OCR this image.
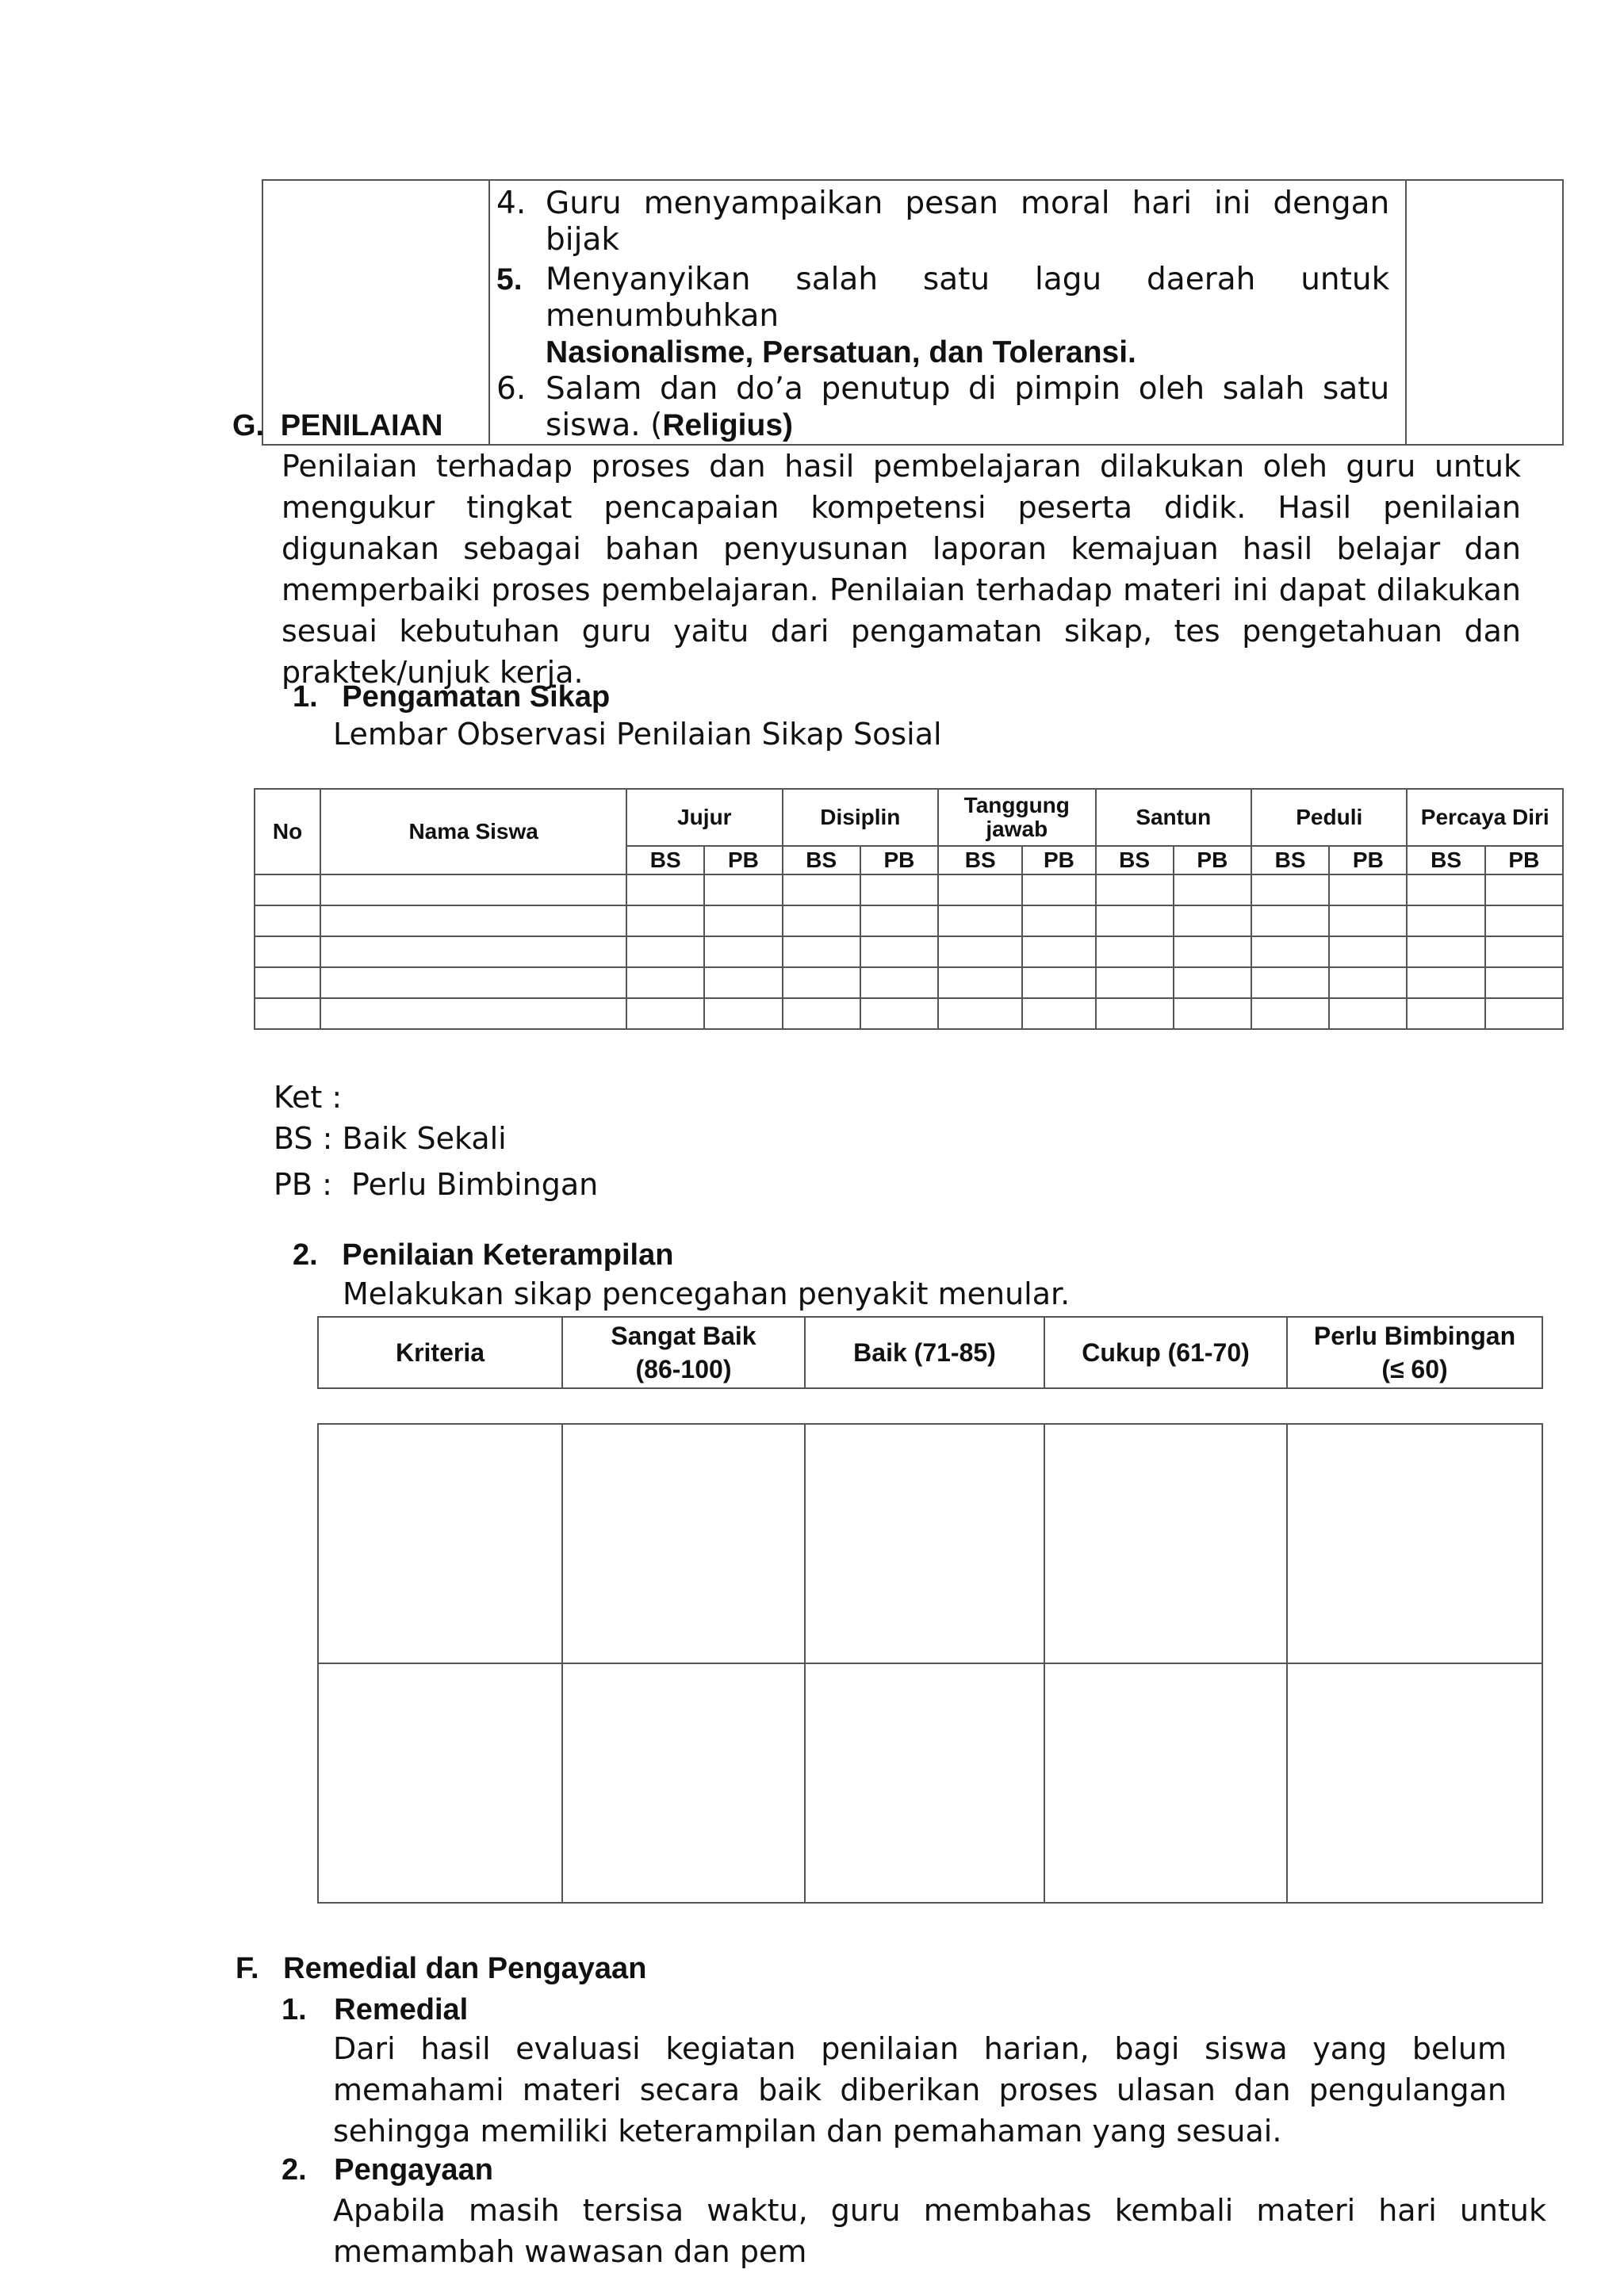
4. Guru menyampaikan pesan moral hari ini dengan bijak
5. Menyanyikan salah satu lagu daerah untuk menumbuhkan
Nasionalisme, Persatuan, dan Toleransi.
6. Salam dan do’a penutup di pimpin oleh salah satu siswa. (Religius)

G. PENILAIAN
Penilaian terhadap proses dan hasil pembelajaran dilakukan oleh guru untuk mengukur tingkat pencapaian kompetensi peserta didik. Hasil penilaian digunakan sebagai bahan penyusunan laporan kemajuan hasil belajar dan memperbaiki proses pembelajaran. Penilaian terhadap materi ini dapat dilakukan sesuai kebutuhan guru yaitu dari pengamatan sikap, tes pengetahuan dan praktek/unjuk kerja.
1. Pengamatan Sikap
Lembar Observasi Penilaian Sikap Sosial
No	Nama Siswa	Jujur		Disiplin		Tanggung jawab		Santun		Peduli		Percaya Diri	
		BS	PB	BS	PB	BS	PB	BS	PB	BS	PB	BS	PB

Ket :
BS : Baik Sekali
PB :  Perlu Bimbingan
2. Penilaian Keterampilan
Melakukan sikap pencegahan penyakit menular.
Kriteria	Sangat Baik
(86-100)	Baik (71-85)	Cukup (61-70)	Perlu Bimbingan
(≤ 60)

F. Remedial dan Pengayaan
1. Remedial
Dari hasil evaluasi kegiatan penilaian harian, bagi siswa yang belum memahami materi secara baik diberikan proses ulasan dan pengulangan sehingga memiliki keterampilan dan pemahaman yang sesuai.
2. Pengayaan
Apabila masih tersisa waktu, guru membahas kembali materi hari untuk memambah wawasan dan pem
